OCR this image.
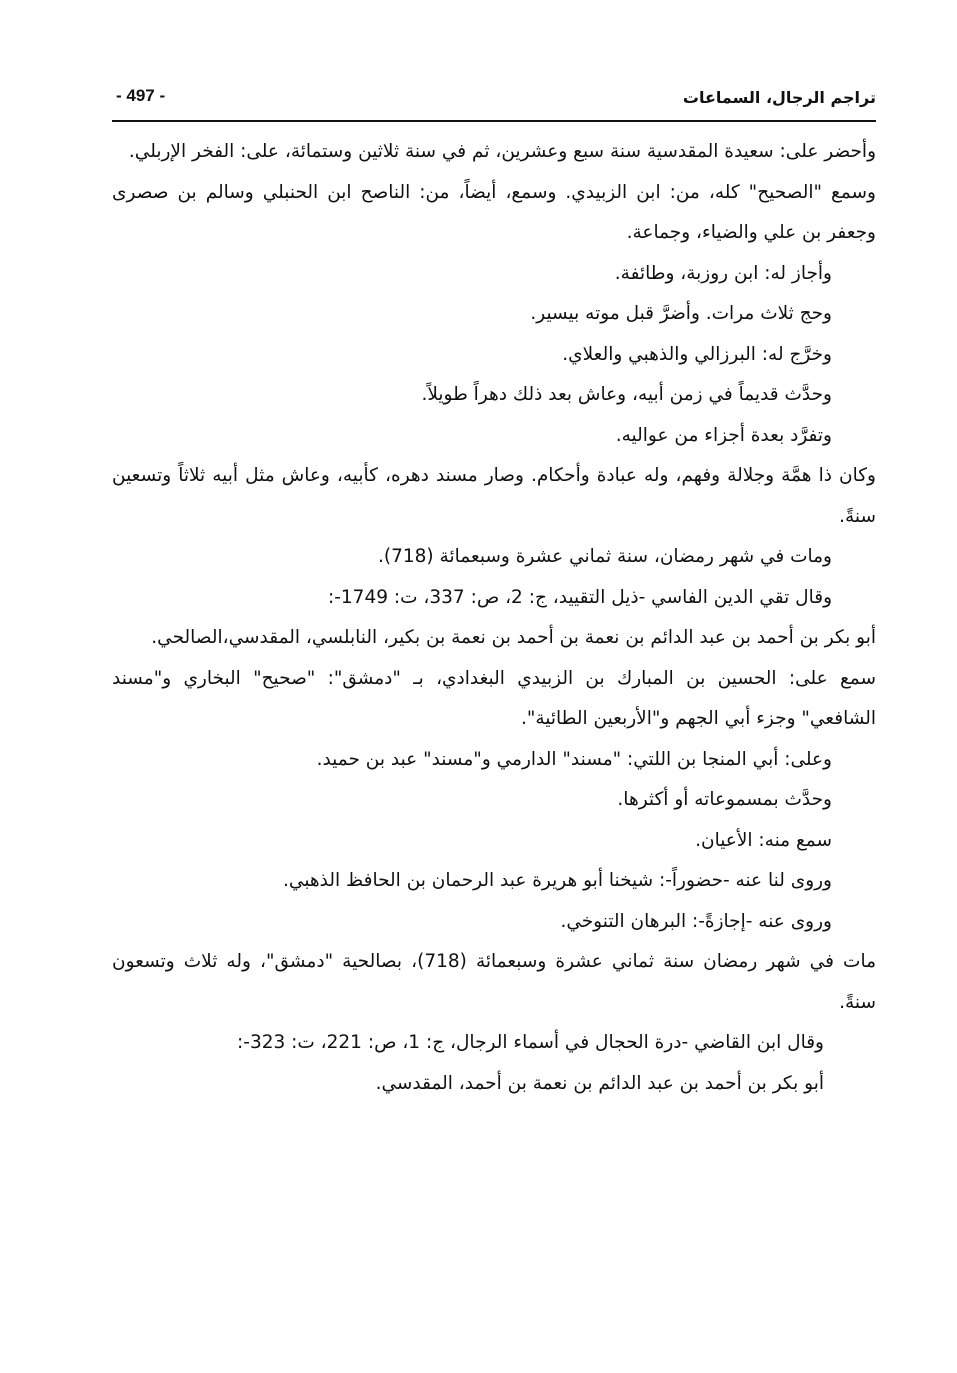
- 497 -	تراجم الرجال، السماعات

وأحضر على: سعيدة المقدسية سنة سبع وعشرين، ثم في سنة ثلاثين وستمائة، على: الفخر الإربلي.

وسمع "الصحيح" كله، من: ابن الزبيدي. وسمع، أيضاً، من: الناصح ابن الحنبلي وسالم بن صصرى وجعفر بن علي والضياء، وجماعة.

وأجاز له: ابن روزبة، وطائفة.

وحج ثلاث مرات. وأضرَّ قبل موته بيسير.

وخرَّج له: البرزالي والذهبي والعلاي.

وحدَّث قديماً في زمن أبيه، وعاش بعد ذلك دهراً طويلاً.

وتفرَّد بعدة أجزاء من عواليه.

وكان ذا همَّة وجلالة وفهم، وله عبادة وأحكام. وصار مسند دهره، كأبيه، وعاش مثل أبيه ثلاثاً وتسعين سنةً.

ومات في شهر رمضان، سنة ثماني عشرة وسبعمائة (718).

وقال تقي الدين الفاسي -ذيل التقييد، ج: 2، ص: 337، ت: 1749-:

أبو بكر بن أحمد بن عبد الدائم بن نعمة بن أحمد بن نعمة بن بكير، النابلسي، المقدسي،الصالحي.

سمع على: الحسين بن المبارك بن الزبيدي البغدادي، بـ "دمشق": "صحيح" البخاري و"مسند الشافعي" وجزء أبي الجهم و"الأربعين الطائية".

وعلى: أبي المنجا بن اللتي: "مسند" الدارمي و"مسند" عبد بن حميد.

وحدَّث بمسموعاته أو أكثرها.

سمع منه: الأعيان.

وروى لنا عنه -حضوراً-: شيخنا أبو هريرة عبد الرحمان بن الحافظ الذهبي.

وروى عنه -إجازةً-: البرهان التنوخي.

مات في شهر رمضان سنة ثماني عشرة وسبعمائة (718)، بصالحية "دمشق"، وله ثلاث وتسعون سنةً.

وقال ابن القاضي -درة الحجال في أسماء الرجال، ج: 1، ص: 221، ت: 323-:

أبو بكر بن أحمد بن عبد الدائم بن نعمة بن أحمد، المقدسي.
